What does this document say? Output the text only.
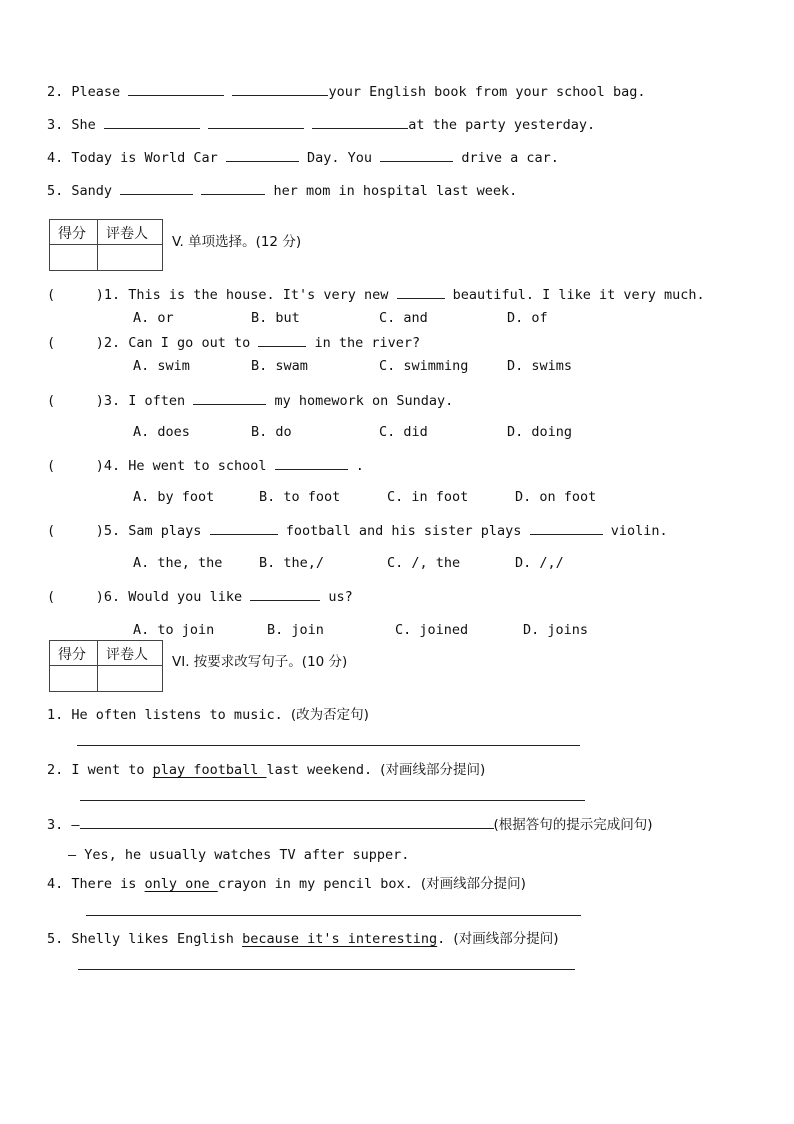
2. Please	your English book from your school bag.
3. She	at the party yesterday.
4. Today is World Car	Day. You	drive a car.
5. Sandy	her mom in hospital last week.
得分 评卷人 V. 单项选择。(12 分)
(     )1. This is the house. It's very new	beautiful. I like it very much.
A. or	B. but	C. and	D. of
(     )2. Can I go out to	in the river?
A. swim	B. swam	C. swimming	D. swims
(     )3. I often	my homework on Sunday.
A. does	B. do	C. did	D. doing
(     )4. He went to school	.
A. by foot	B. to foot	C. in foot	D. on foot
(     )5. Sam plays	football and his sister plays	violin.
A. the, the	B. the,/	C. /, the	D. /,/
(     )6. Would you like	us?
A. to join	B. join	C. joined	D. joins
得分 评卷人 VI. 按要求改写句子。(10 分)
1. He often listens to music. (改为否定句)
2. I went to play football last weekend. (对画线部分提问)
3. —	(根据答句的提示完成问句)
— Yes, he usually watches TV after supper.
4. There is only one crayon in my pencil box. (对画线部分提问)
5. Shelly likes English because it's interesting. (对画线部分提问)
